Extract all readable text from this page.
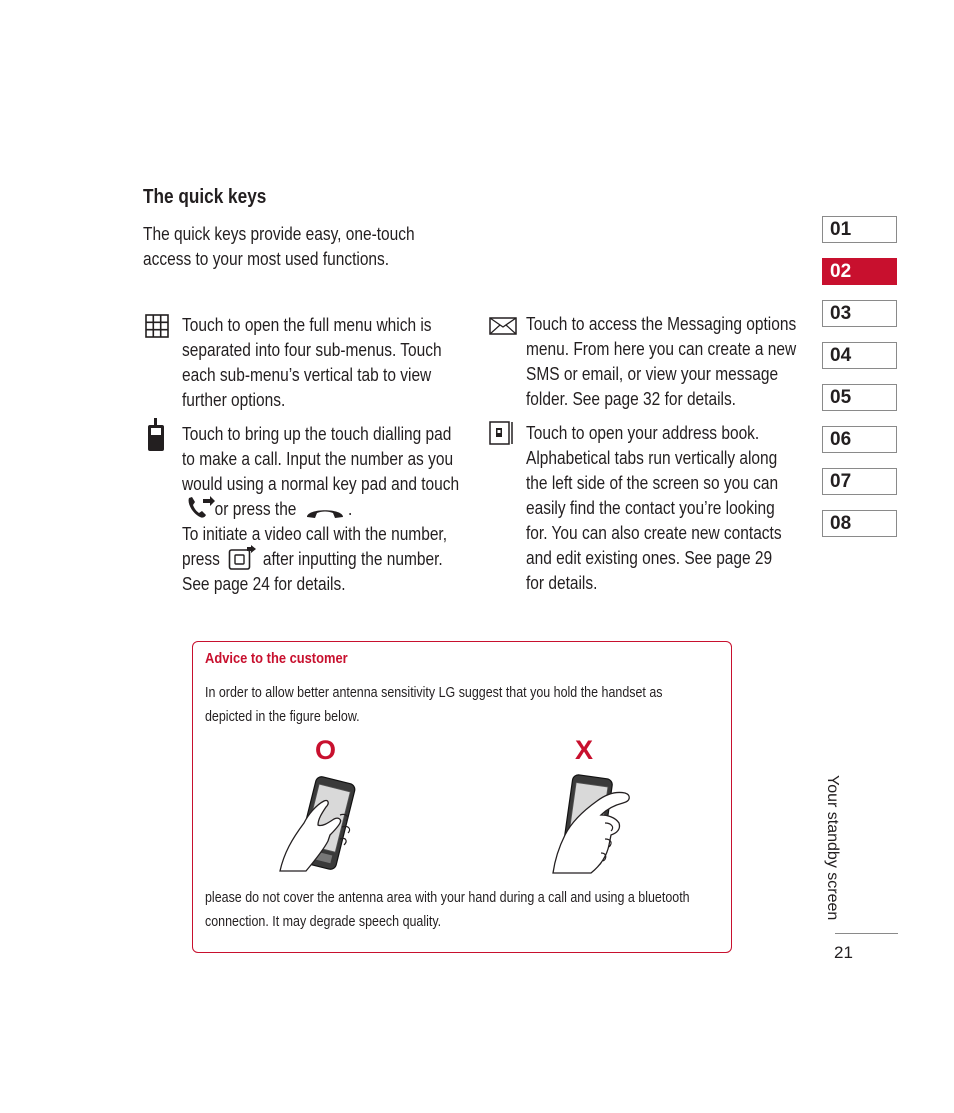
The quick keys
The quick keys provide easy, one-touch
access to your most used functions.
Touch to open the full menu which is
separated into four sub-menus. Touch
each sub-menu’s vertical tab to view
further options.
Touch to bring up the touch dialling pad
to make a call. Input the number as you
would using a normal key pad and touch
or press the	.
To initiate a video call with the number,
press after inputting the number.
See page 24 for details.
Touch to access the Messaging options
menu. From here you can create a new
SMS or email, or view your message
folder. See page 32 for details.
Touch to open your address book.
Alphabetical tabs run vertically along
the left side of the screen so you can
easily find the contact you’re looking
for. You can also create new contacts
and edit existing ones. See page 29
for details.
Advice to the customer
In order to allow better antenna sensitivity LG suggest that you hold the handset as
depicted in the figure below.
O	X
please do not cover the antenna area with your hand during a call and using a bluetooth
connection. It may degrade speech quality.
01
02
03
04
05
06
07
08
Your standby screen
21
